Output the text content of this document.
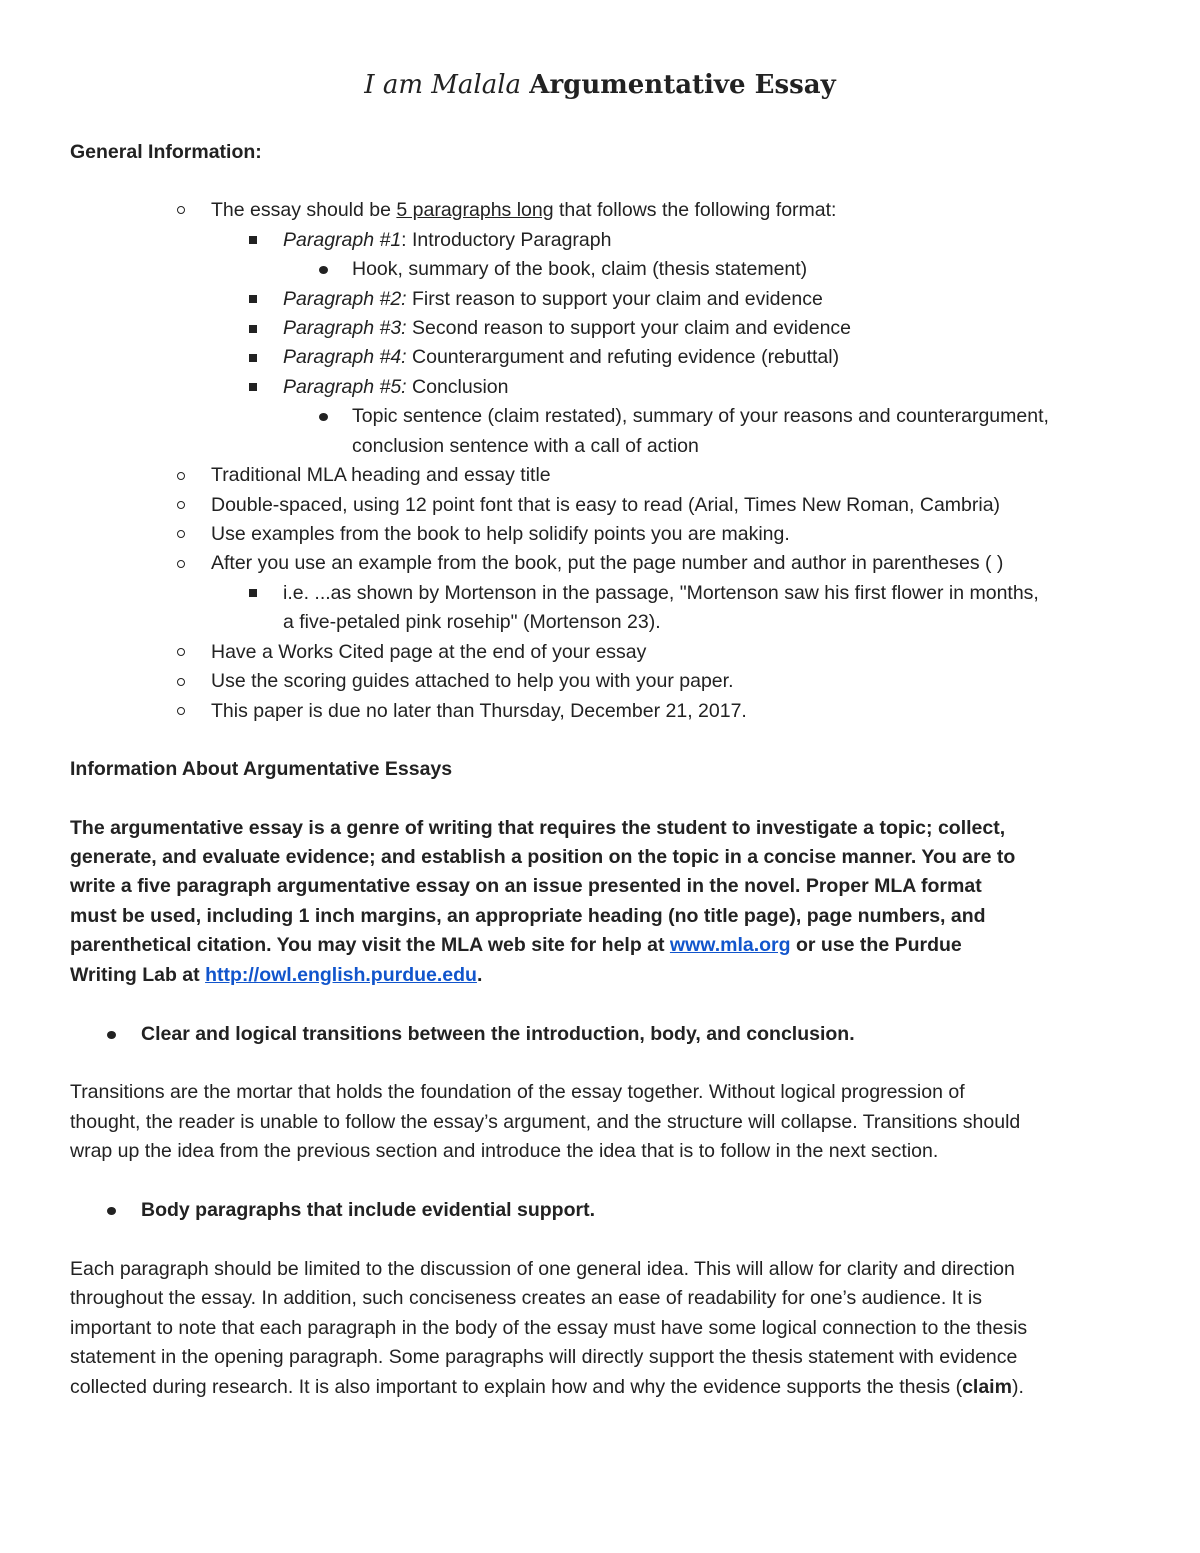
I am Malala Argumentative Essay
General Information:
The essay should be 5 paragraphs long that follows the following format:
Paragraph #1: Introductory Paragraph
Hook, summary of the book, claim (thesis statement)
Paragraph #2: First reason to support your claim and evidence
Paragraph #3: Second reason to support your claim and evidence
Paragraph #4: Counterargument and refuting evidence (rebuttal)
Paragraph #5: Conclusion
Topic sentence (claim restated), summary of your reasons and counterargument,
conclusion sentence with a call of action
Traditional MLA heading and essay title
Double-spaced, using 12 point font that is easy to read (Arial, Times New Roman, Cambria)
Use examples from the book to help solidify points you are making.
After you use an example from the book, put the page number and author in parentheses ( )
i.e. ...as shown by Mortenson in the passage, "Mortenson saw his first flower in months,
a five-petaled pink rosehip" (Mortenson 23).
Have a Works Cited page at the end of your essay
Use the scoring guides attached to help you with your paper.
This paper is due no later than Thursday, December 21, 2017.
Information About Argumentative Essays
The argumentative essay is a genre of writing that requires the student to investigate a topic; collect,
generate, and evaluate evidence; and establish a position on the topic in a concise manner. You are to
write a five paragraph argumentative essay on an issue presented in the novel. Proper MLA format
must be used, including 1 inch margins, an appropriate heading (no title page), page numbers, and
parenthetical citation. You may visit the MLA web site for help at www.mla.org or use the Purdue
Writing Lab at http://owl.english.purdue.edu.
Clear and logical transitions between the introduction, body, and conclusion.
Transitions are the mortar that holds the foundation of the essay together. Without logical progression of
thought, the reader is unable to follow the essay’s argument, and the structure will collapse. Transitions should
wrap up the idea from the previous section and introduce the idea that is to follow in the next section.
Body paragraphs that include evidential support.
Each paragraph should be limited to the discussion of one general idea. This will allow for clarity and direction
throughout the essay. In addition, such conciseness creates an ease of readability for one’s audience. It is
important to note that each paragraph in the body of the essay must have some logical connection to the thesis
statement in the opening paragraph. Some paragraphs will directly support the thesis statement with evidence
collected during research. It is also important to explain how and why the evidence supports the thesis (claim).
